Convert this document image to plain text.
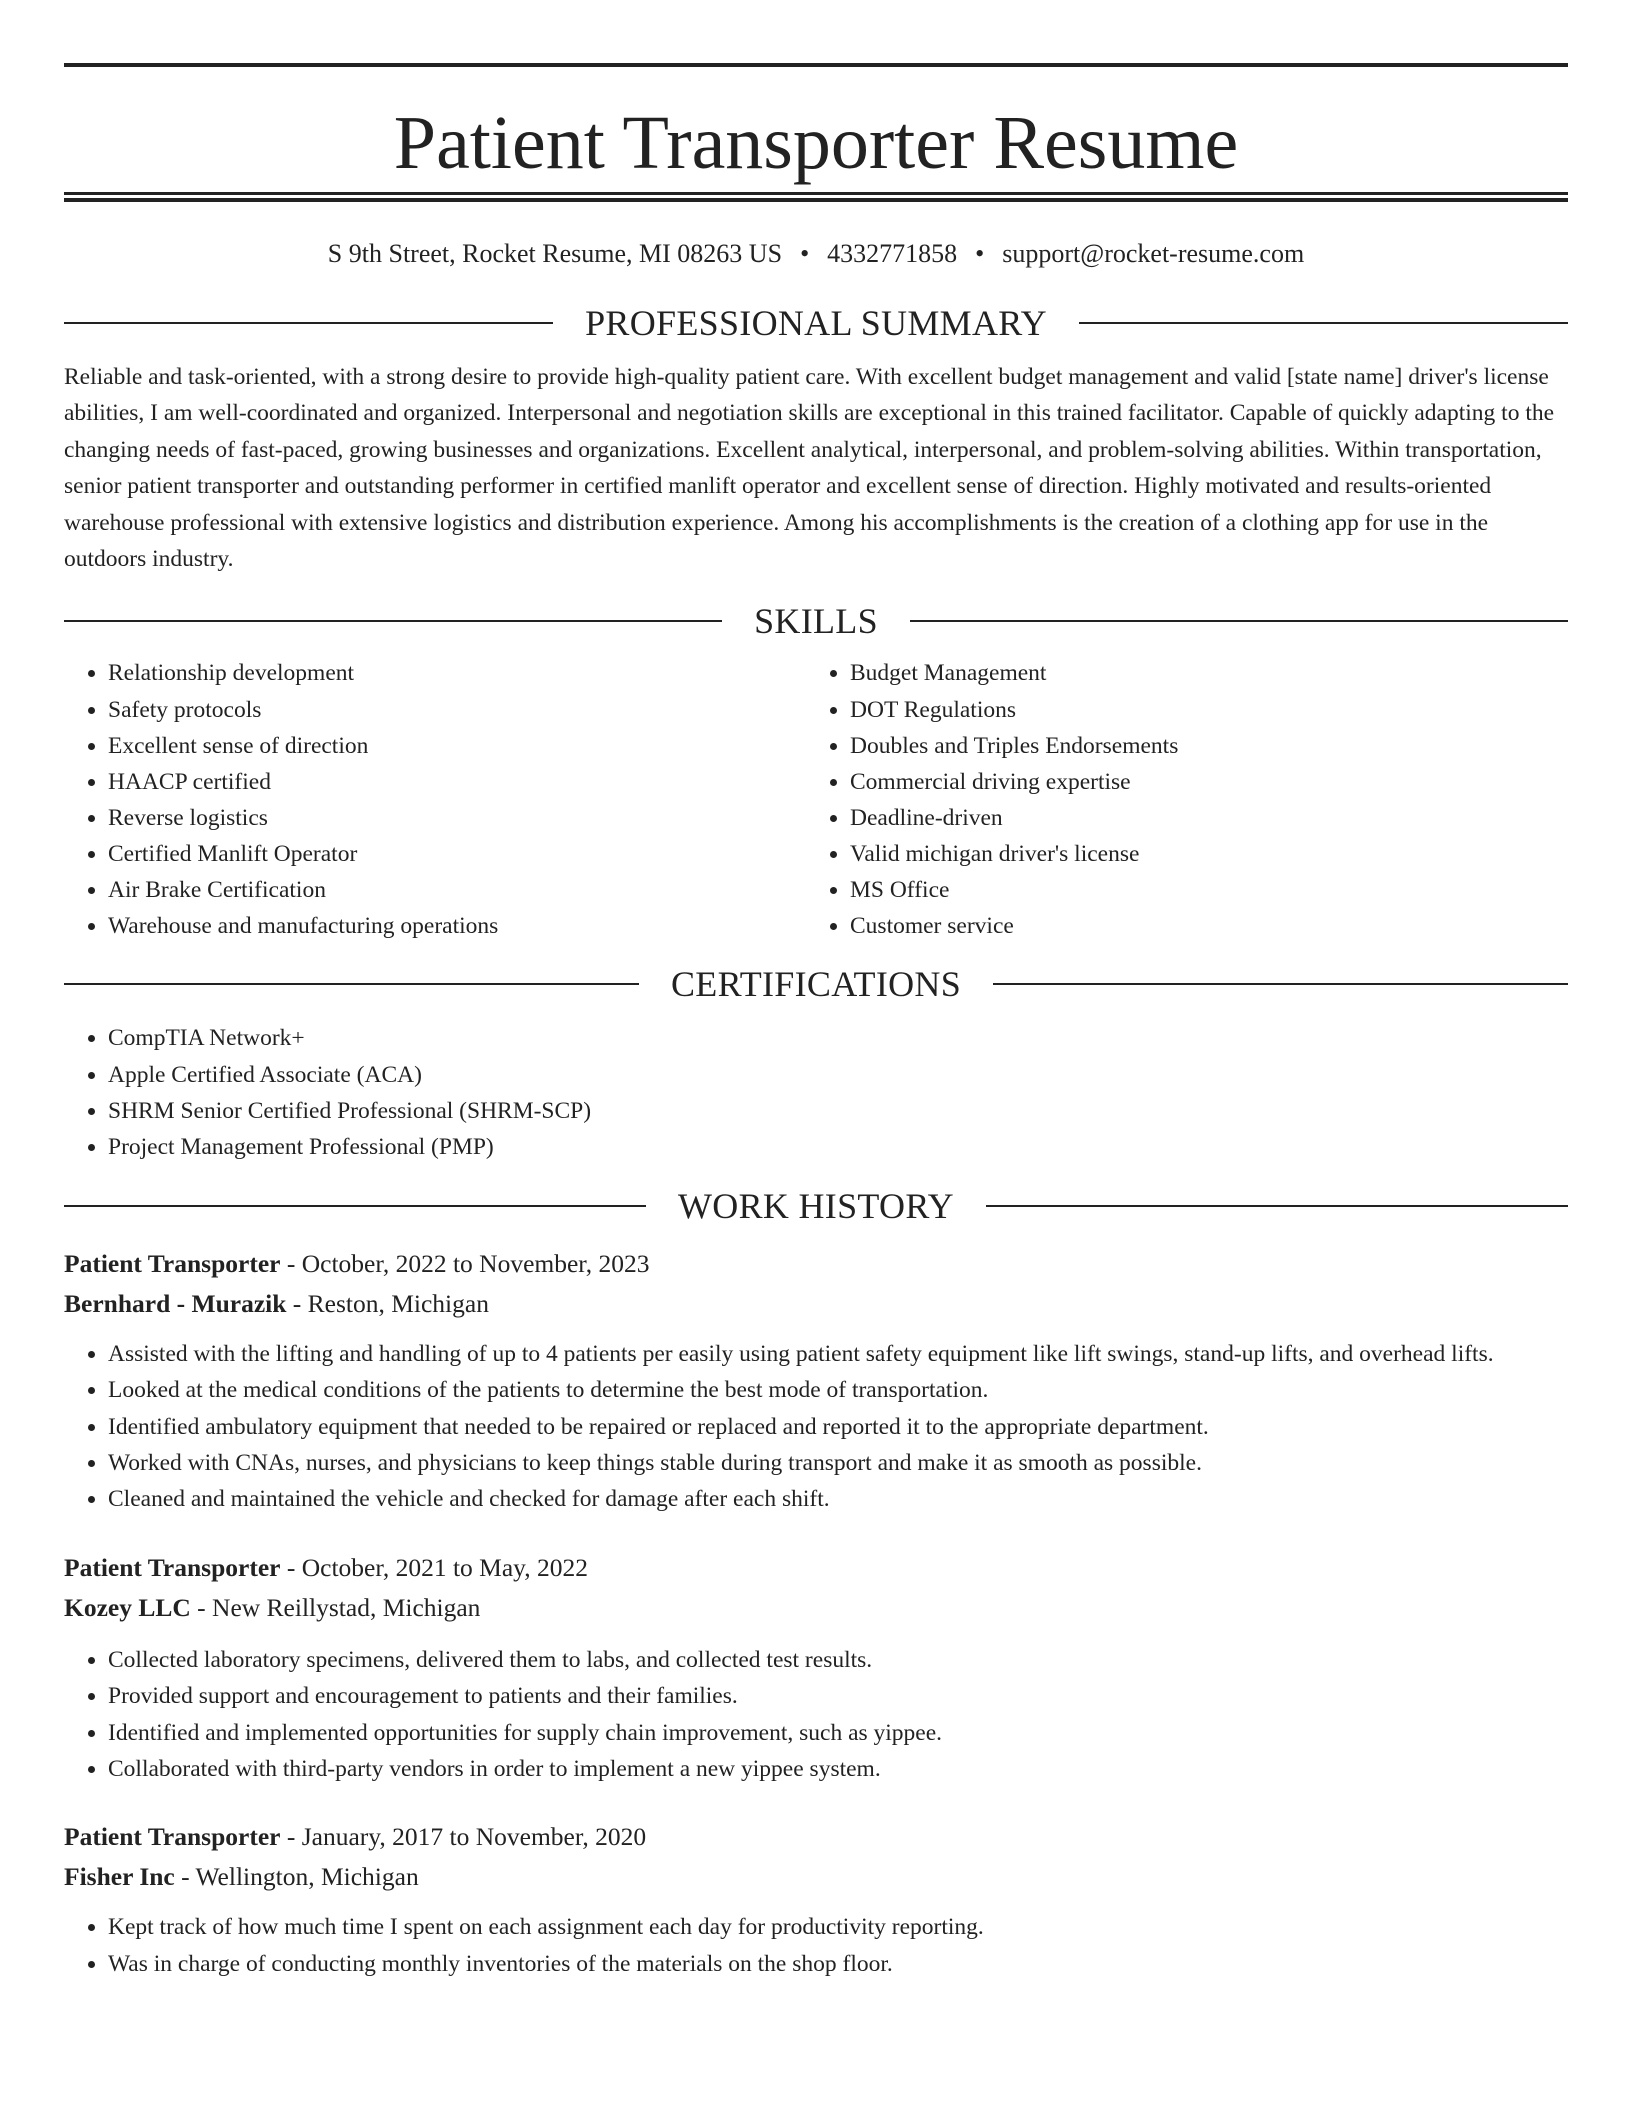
Patient Transporter Resume
S 9th Street, Rocket Resume, MI 08263 US • 4332771858 • support@rocket-resume.com
PROFESSIONAL SUMMARY

Reliable and task-oriented, with a strong desire to provide high-quality patient care. With excellent budget management and valid [state name] driver's license abilities, I am well-coordinated and organized. Interpersonal and negotiation skills are exceptional in this trained facilitator. Capable of quickly adapting to the changing needs of fast-paced, growing businesses and organizations. Excellent analytical, interpersonal, and problem-solving abilities. Within transportation, senior patient transporter and outstanding performer in certified manlift operator and excellent sense of direction. Highly motivated and results-oriented warehouse professional with extensive logistics and distribution experience. Among his accomplishments is the creation of a clothing app for use in the outdoors industry.

SKILLS
• Relationship development
• Safety protocols
• Excellent sense of direction
• HAACP certified
• Reverse logistics
• Certified Manlift Operator
• Air Brake Certification
• Warehouse and manufacturing operations
• Budget Management
• DOT Regulations
• Doubles and Triples Endorsements
• Commercial driving expertise
• Deadline-driven
• Valid michigan driver's license
• MS Office
• Customer service
CERTIFICATIONS
• CompTIA Network+
• Apple Certified Associate (ACA)
• SHRM Senior Certified Professional (SHRM-SCP)
• Project Management Professional (PMP)
WORK HISTORY
Patient Transporter - October, 2022 to November, 2023
Bernhard - Murazik - Reston, Michigan
• Assisted with the lifting and handling of up to 4 patients per easily using patient safety equipment like lift swings, stand-up lifts, and overhead lifts.
• Looked at the medical conditions of the patients to determine the best mode of transportation.
• Identified ambulatory equipment that needed to be repaired or replaced and reported it to the appropriate department.
• Worked with CNAs, nurses, and physicians to keep things stable during transport and make it as smooth as possible.
• Cleaned and maintained the vehicle and checked for damage after each shift.
Patient Transporter - October, 2021 to May, 2022
Kozey LLC - New Reillystad, Michigan
• Collected laboratory specimens, delivered them to labs, and collected test results.
• Provided support and encouragement to patients and their families.
• Identified and implemented opportunities for supply chain improvement, such as yippee.
• Collaborated with third-party vendors in order to implement a new yippee system.
Patient Transporter - January, 2017 to November, 2020
Fisher Inc - Wellington, Michigan
• Kept track of how much time I spent on each assignment each day for productivity reporting.
• Was in charge of conducting monthly inventories of the materials on the shop floor.
